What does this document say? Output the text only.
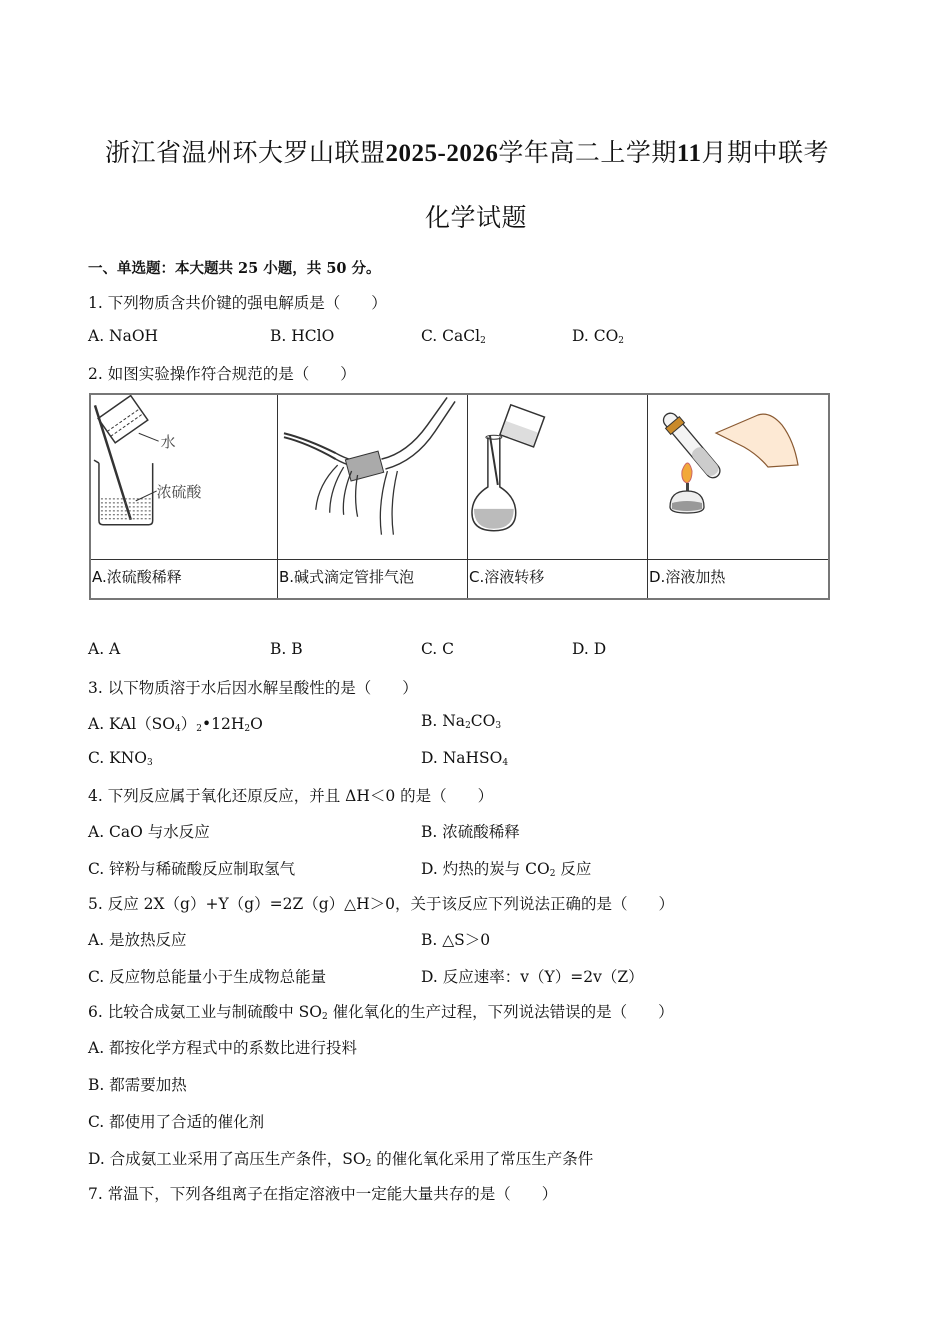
浙江省温州环大罗山联盟2025-2026学年高二上学期11月期中联考
化学试题
一、单选题：本大题共 25 小题，共 50 分。
1. 下列物质含共价键的强电解质是（　　）
A. NaOH	B. HClO	C. CaCl$_2$	D. $CO_2$
2. 如图实验操作符合规范的是（　　）
水
浓硫酸
A.浓硫酸稀释	B.碱式滴定管排气泡	C.溶液转移	D.溶液加热
A. A	B. B	C. C	D. D
3. 以下物质溶于水后因水解呈酸性的是（　　）
A. $KAl(SO_4)_2•12H_2O$	B. $Na_2CO_3$
C. $KNO_3$	D. NaHSO$_4$
4. 下列反应属于氧化还原反应，并且 ΔH＜0 的是（　　）
A. CaO 与水反应	B. 浓硫酸稀释
C. 锌粉与稀硫酸反应制取氢气	D. 灼热的炭与 $CO_2$ 反应
5. 反应 2X（g）+Y（g）=2Z（g）△H＞0，关于该反应下列说法正确的是（　　）
A. 是放热反应	B. △S＞0
C. 反应物总能量小于生成物总能量	D. 反应速率：v（Y）=2v（Z）
6. 比较合成氨工业与制硫酸中 $SO_2$ 催化氧化的生产过程，下列说法错误的是（　　）
A. 都按化学方程式中的系数比进行投料
B. 都需要加热
C. 都使用了合适的催化剂
D. 合成氨工业采用了高压生产条件，$SO_2$ 的催化氧化采用了常压生产条件
7. 常温下，下列各组离子在指定溶液中一定能大量共存的是（　　）
